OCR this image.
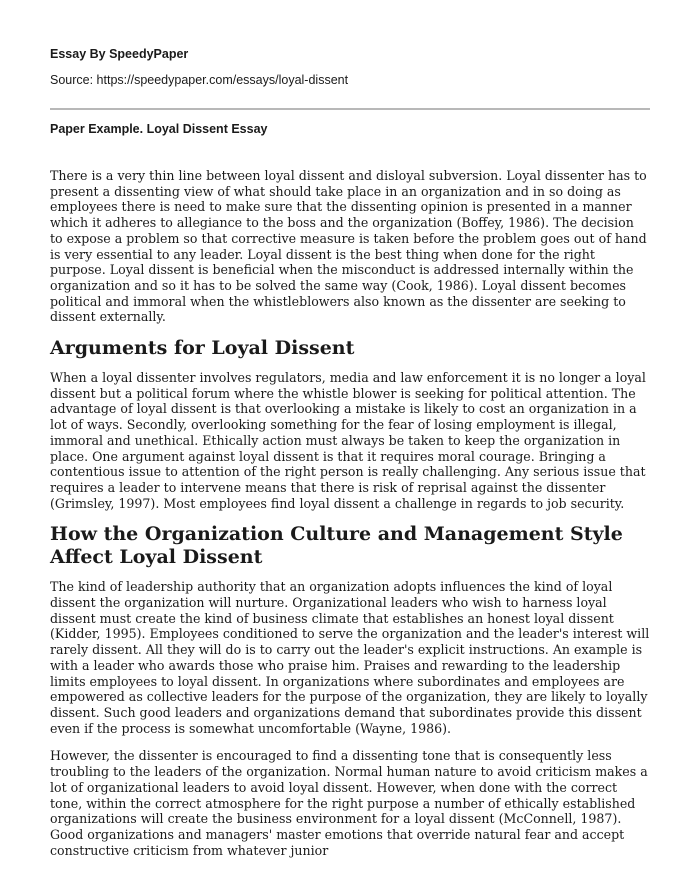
Essay By SpeedyPaper
Source: https://speedypaper.com/essays/loyal-dissent
Paper Example. Loyal Dissent Essay

There is a very thin line between loyal dissent and disloyal subversion. Loyal dissenter has to present a dissenting view of what should take place in an organization and in so doing as employees there is need to make sure that the dissenting opinion is presented in a manner which it adheres to allegiance to the boss and the organization (Boffey, 1986). The decision to expose a problem so that corrective measure is taken before the problem goes out of hand is very essential to any leader. Loyal dissent is the best thing when done for the right purpose. Loyal dissent is beneficial when the misconduct is addressed internally within the organization and so it has to be solved the same way (Cook, 1986). Loyal dissent becomes political and immoral when the whistleblowers also known as the dissenter are seeking to dissent externally.

Arguments for Loyal Dissent

When a loyal dissenter involves regulators, media and law enforcement it is no longer a loyal dissent but a political forum where the whistle blower is seeking for political attention. The advantage of loyal dissent is that overlooking a mistake is likely to cost an organization in a lot of ways. Secondly, overlooking something for the fear of losing employment is illegal, immoral and unethical. Ethically action must always be taken to keep the organization in place. One argument against loyal dissent is that it requires moral courage. Bringing a contentious issue to attention of the right person is really challenging. Any serious issue that requires a leader to intervene means that there is risk of reprisal against the dissenter (Grimsley, 1997). Most employees find loyal dissent a challenge in regards to job security.

How the Organization Culture and Management Style Affect Loyal Dissent

The kind of leadership authority that an organization adopts influences the kind of loyal dissent the organization will nurture. Organizational leaders who wish to harness loyal dissent must create the kind of business climate that establishes an honest loyal dissent (Kidder, 1995). Employees conditioned to serve the organization and the leader's interest will rarely dissent. All they will do is to carry out the leader's explicit instructions. An example is with a leader who awards those who praise him. Praises and rewarding to the leadership limits employees to loyal dissent. In organizations where subordinates and employees are empowered as collective leaders for the purpose of the organization, they are likely to loyally dissent. Such good leaders and organizations demand that subordinates provide this dissent even if the process is somewhat uncomfortable (Wayne, 1986).

However, the dissenter is encouraged to find a dissenting tone that is consequently less troubling to the leaders of the organization. Normal human nature to avoid criticism makes a lot of organizational leaders to avoid loyal dissent. However, when done with the correct tone, within the correct atmosphere for the right purpose a number of ethically established organizations will create the business environment for a loyal dissent (McConnell, 1987). Good organizations and managers' master emotions that override natural fear and accept constructive criticism from whatever junior
